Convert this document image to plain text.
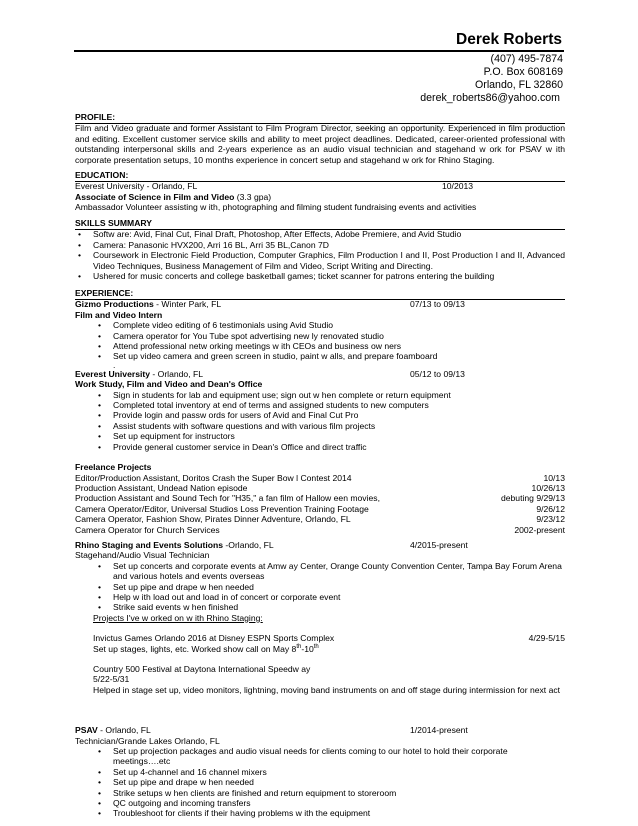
Derek Roberts
(407) 495-7874
P.O. Box 608169
Orlando, FL 32860
derek_roberts86@yahoo.com
PROFILE:
Film and Video graduate and former Assistant to Film Program Director, seeking an opportunity. Experienced in film production and editing. Excellent customer service skills and ability to meet project deadlines. Dedicated, career-oriented professional with outstanding interpersonal skills and 2-years experience as an audio visual technician and stagehand w ork for PSAV w ith corporate presentation setups, 10 months experience in concert setup and stagehand w ork for Rhino Staging.
EDUCATION:
Everest University - Orlando, FL	10/2013
Associate of Science in Film and Video (3.3 gpa)
Ambassador Volunteer assisting w ith, photographing and filming student fundraising events and activities
SKILLS SUMMARY
• Softw are: Avid, Final Cut, Final Draft, Photoshop, After Effects, Adobe Premiere, and Avid Studio
• Camera: Panasonic HVX200, Arri 16 BL, Arri 35 BL,Canon 7D
• Coursework in Electronic Field Production, Computer Graphics, Film Production I and II, Post Production I and II, Advanced Video Techniques, Business Management of Film and Video, Script Writing and Directing.
• Ushered for music concerts and college basketball games; ticket scanner for patrons entering the building
EXPERIENCE:
Gizmo Productions - Winter Park, FL	07/13 to 09/13
Film and Video Intern
• Complete video editing of 6 testimonials using Avid Studio
• Camera operator for You Tube spot advertising new ly renovated studio
• Attend professional netw orking meetings w ith CEOs and business ow ners
• Set up video camera and green screen in studio, paint w alls, and prepare foamboard
.
Everest University - Orlando, FL	05/12 to 09/13
Work Study, Film and Video and Dean's Office
• Sign in students for lab and equipment use; sign out w hen complete or return equipment
• Completed total inventory at end of terms and assigned students to new computers
• Provide login and passw ords for users of Avid and Final Cut Pro
• Assist students with software questions and with various film projects
• Set up equipment for instructors
• Provide general customer service in Dean's Office and direct traffic
Freelance Projects
Editor/Production Assistant, Doritos Crash the Super Bow l Contest 2014	10/13
Production Assistant, Undead Nation episode	10/26/13
Production Assistant and Sound Tech for "H35," a fan film of Hallow een movies,	debuting 9/29/13
Camera Operator/Editor, Universal Studios Loss Prevention Training Footage	9/26/12
Camera Operator, Fashion Show, Pirates Dinner Adventure, Orlando, FL	9/23/12
Camera Operator for Church Services	2002-present
Rhino Staging and Events Solutions -Orlando, FL	4/2015-present
Stagehand/Audio Visual Technician
• Set up concerts and corporate events at Amw ay Center, Orange County Convention Center, Tampa Bay Forum Arena and various hotels and events overseas
• Set up pipe and drape w hen needed
• Help w ith load out and load in of concert or corporate event
• Strike said events w hen finished
Projects I've w orked on w ith Rhino Staging:
Invictus Games Orlando 2016 at Disney ESPN Sports Complex	4/29-5/15
Set up stages, lights, etc. Worked show call on May 8th-10th
Country 500 Festival at Daytona International Speedw ay
5/22-5/31
Helped in stage set up, video monitors, lightning, moving band instruments on and off stage during intermission for next act
PSAV - Orlando, FL	1/2014-present
Technician/Grande Lakes Orlando, FL
• Set up projection packages and audio visual needs for clients coming to our hotel to hold their corporate meetings….etc
• Set up 4-channel and 16 channel mixers
• Set up pipe and drape w hen needed
• Strike setups w hen clients are finished and return equipment to storeroom
• QC outgoing and incoming transfers
• Troubleshoot for clients if their having problems w ith the equipment
